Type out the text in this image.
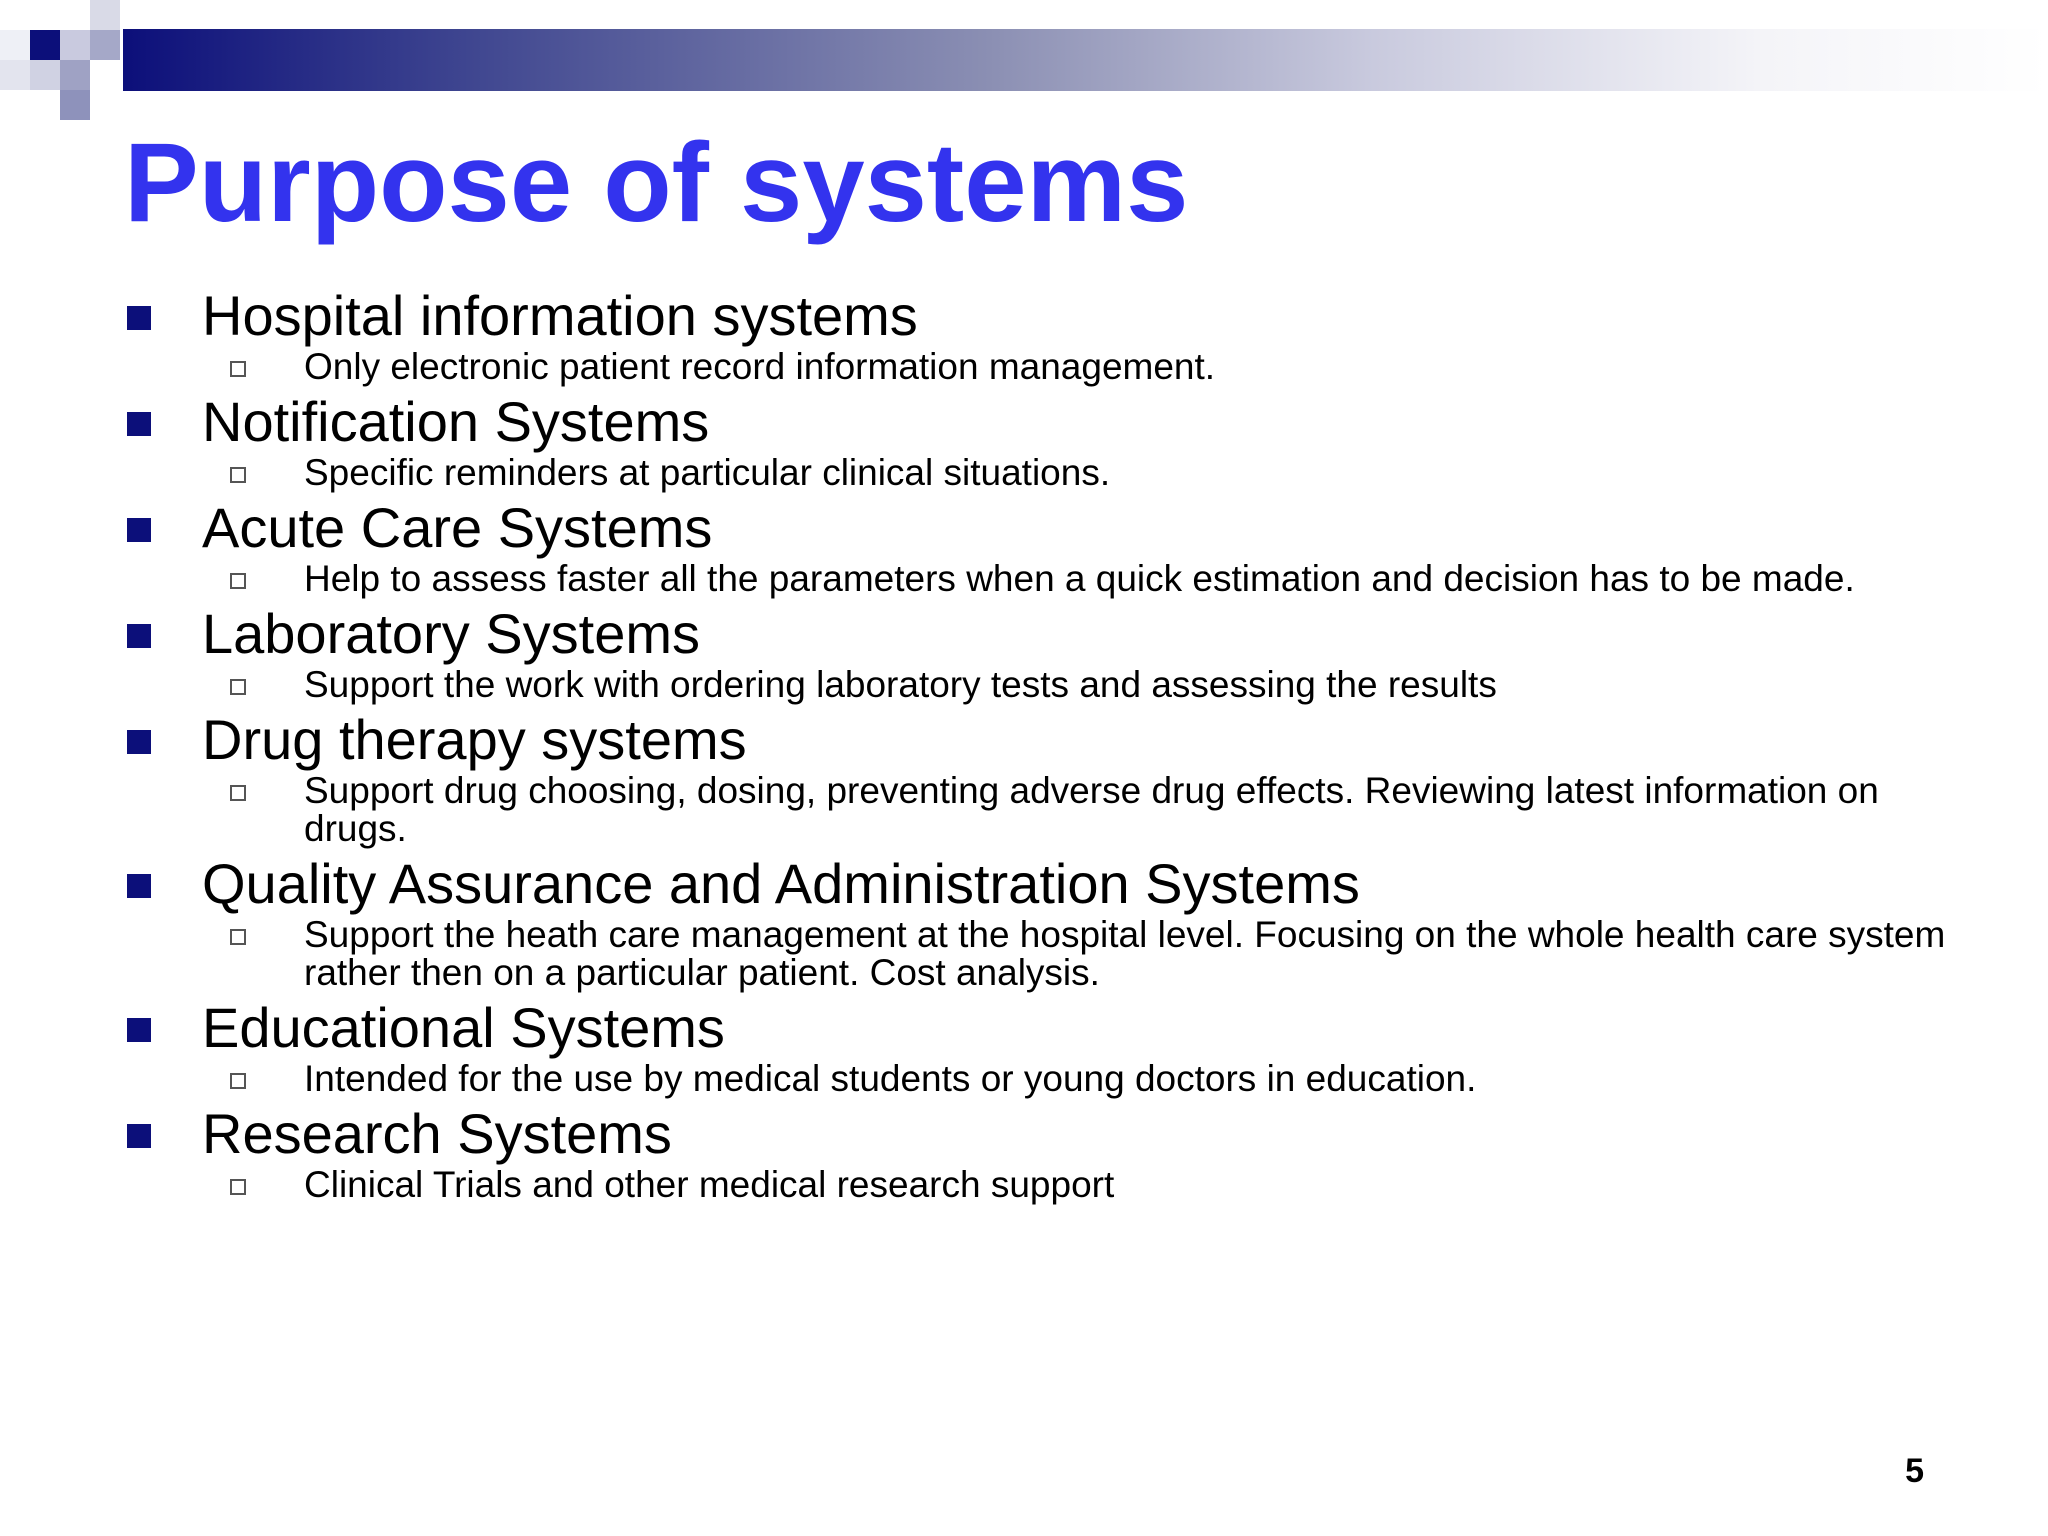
Purpose of systems
Hospital information systems
Only electronic patient record information management.
Notification Systems
Specific reminders at particular clinical situations.
Acute Care Systems
Help to assess faster all the parameters when a quick estimation and decision has to be made.
Laboratory Systems
Support the work with ordering laboratory tests and assessing the results
Drug therapy systems
Support drug choosing, dosing, preventing adverse drug effects. Reviewing latest information on drugs.
Quality Assurance and Administration Systems
Support the heath care management at the hospital level. Focusing on the whole health care system rather then on a particular patient. Cost analysis.
Educational Systems
Intended for the use by medical students or young doctors in education.
Research Systems
Clinical Trials and other medical research support
5
